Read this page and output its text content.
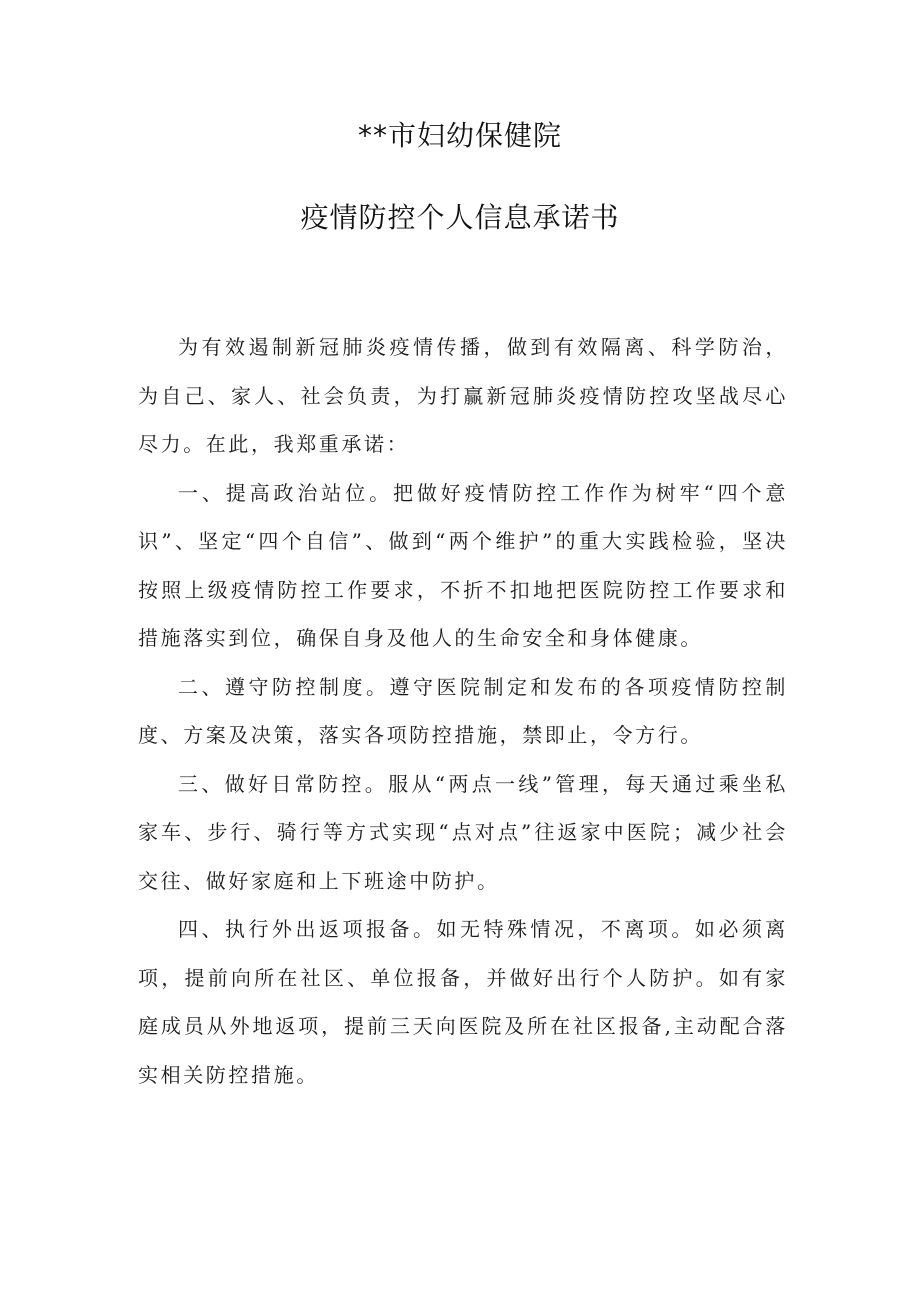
**市妇幼保健院
疫情防控个人信息承诺书

为有效遏制新冠肺炎疫情传播，做到有效隔离、科学防治，为自己、家人、社会负责，为打赢新冠肺炎疫情防控攻坚战尽心尽力。在此，我郑重承诺：

一、提高政治站位。把做好疫情防控工作作为树牢“四个意识”、坚定“四个自信”、做到“两个维护”的重大实践检验，坚决按照上级疫情防控工作要求，不折不扣地把医院防控工作要求和措施落实到位，确保自身及他人的生命安全和身体健康。

二、遵守防控制度。遵守医院制定和发布的各项疫情防控制度、方案及决策，落实各项防控措施，禁即止，令方行。

三、做好日常防控。服从“两点一线”管理，每天通过乘坐私家车、步行、骑行等方式实现“点对点”往返家中医院；减少社会交往、做好家庭和上下班途中防护。

四、执行外出返项报备。如无特殊情况，不离项。如必须离项，提前向所在社区、单位报备，并做好出行个人防护。如有家庭成员从外地返项，提前三天向医院及所在社区报备,主动配合落实相关防控措施。
